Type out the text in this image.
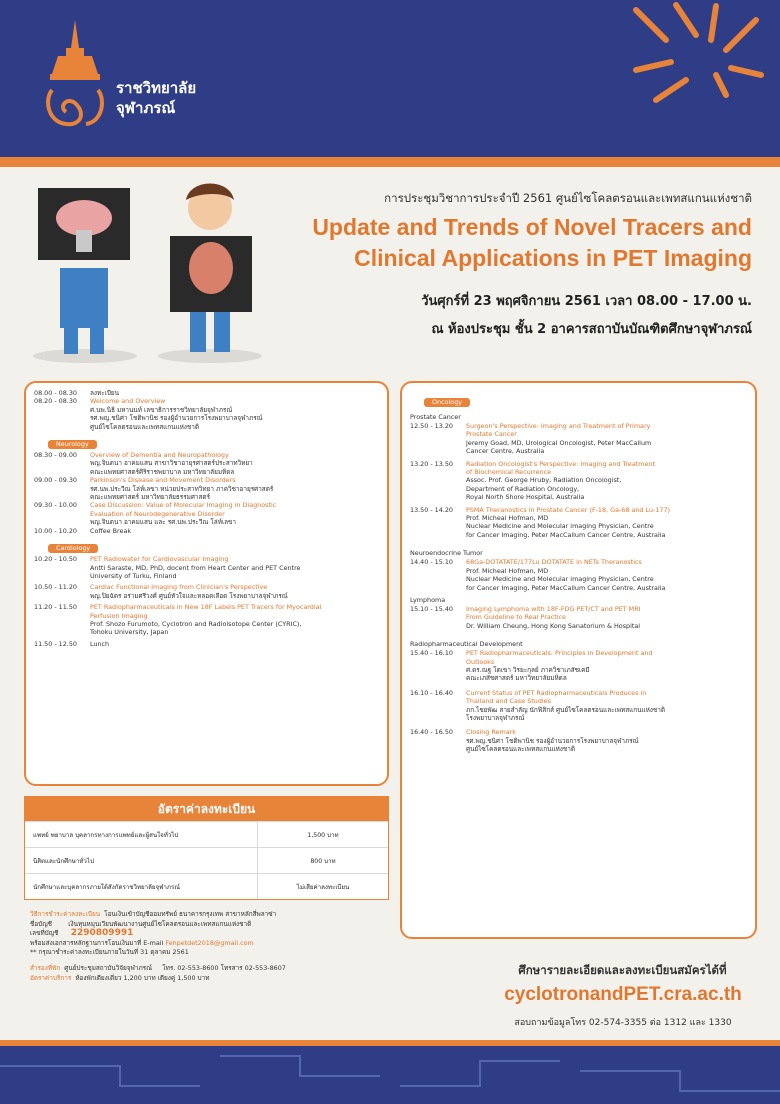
ราชวิทยาลัย
จุฬาภรณ์
การประชุมวิชาการประจำปี 2561 ศูนย์ไซโคลตรอนและเพทสแกนแห่งชาติ
Update and Trends of Novel Tracers and
Clinical Applications in PET Imaging
วันศุกร์ที่ 23 พฤศจิกายน 2561 เวลา 08.00 - 17.00 น.
ณ ห้องประชุม ชั้น 2 อาคารสถาบันบัณฑิตศึกษาจุฬาภรณ์
08.00 - 08.30	ลงทะเบียน
08.20 - 08.30	Welcome and Overview
ศ.นพ.นิธิ มหานนท์ เลขาธิการราชวิทยาลัยจุฬาภรณ์
รศ.พญ.ชนิศา โชติพานิช รองผู้อำนวยการโรงพยาบาลจุฬาภรณ์
ศูนย์ไซโคลตรอนและเพทสแกนแห่งชาติ
Neurology
08.30 - 09.00	Overview of Dementia and Neuropathology
พญ.จินตนา อาคมแสน สาขาวิชาอายุรศาสตร์ประสาทวิทยา
คณะแพทยศาสตร์ศิริราชพยาบาล มหาวิทยาลัยมหิดล
09.00 - 09.30	Parkinson's Disease and Movement Disorders
รศ.นพ.ประวีณ โล่ห์เลขา หน่วยประสาทวิทยา ภาควิชาอายุรศาสตร์
คณะแพทยศาสตร์ มหาวิทยาลัยธรรมศาสตร์
09.30 - 10.00	Case Discussion: Value of Molecular Imaging in Diagnostic
Evaluation of Neurodegenerative Disorder
พญ.จินตนา อาคมแสน และ รศ.นพ.ประวีณ โล่ห์เลขา
10.00 - 10.20	Coffee Break
Cardiology
10.20 - 10.50	PET Radiowater for Cardiovascular Imaging
Antti Saraste, MD, PhD, docent from Heart Center and PET Centre
University of Turku, Finland
10.50 - 11.20	Cardiac Functional Imaging from Clinician's Perspective
พญ.ปิยฉัตร อร่ามศรีวงศ์ ศูนย์หัวใจและหลอดเลือด โรงพยาบาลจุฬาภรณ์
11.20 - 11.50	PET Radiopharmaceuticals in New 18F Labels PET Tracers for Myocardial
Perfusion Imaging
Prof. Shozo Furumoto, Cyclotron and Radioisotope Center (CYRIC),
Tohoku University, Japan
11.50 - 12.50	Lunch
Oncology
Prostate Cancer
12.50 - 13.20	Surgeon's Perspective: Imaging and Treatment of Primary
Prostate Cancer
Jeremy Goad, MD, Urological Oncologist, Peter MacCallum
Cancer Centre, Australia
13.20 - 13.50	Radiation Oncologist's Perspective: Imaging and Treatment
of Biochemical Recurrence
Assoc. Prof. George Hruby, Radiation Oncologist,
Department of Radiation Oncology,
Royal North Shore Hospital, Australia
13.50 - 14.20	PSMA Theranostics in Prostate Cancer (F-18, Ga-68 and Lu-177)
Prof. Micheal Hofman, MD
Nuclear Medicine and Molecular imaging Physician, Centre
for Cancer Imaging, Peter MacCallum Cancer Centre, Australia
Neuroendocrine Tumor
14.40 - 15.10	68Ga-DOTATATE/177Lu DOTATATE in NETs Theranostics
Prof. Micheal Hofman, MD
Nuclear Medicine and Molecular imaging Physician, Centre
for Cancer Imaging, Peter MacCallum Cancer Centre, Australia
Lymphoma
15.10 - 15.40	Imaging Lymphoma with 18F-FDG PET/CT and PET MRI
From Guideline to Real Practice
Dr. William Cheung, Hong Kong Sanatorium & Hospital
Radiopharmaceutical Development
15.40 - 16.10	PET Radiopharmaceuticals: Principles in Development and
Outlooks
ศ.ดร.ณฐ โตเขา วิรยะกุลย์ ภาควิชาเภสัชเคมี
คณะเภสัชศาสตร์ มหาวิทยาลัยมหิดล
16.10 - 16.40	Current Status of PET Radiopharmaceuticals Produces in
Thailand and Case Studies
ภก.ไชยพัฒ สายสำลัญ นักฟิสิกส์ ศูนย์ไซโคลตรอนและเพทสแกนแห่งชาติ
โรงพยาบาลจุฬาภรณ์
16.40 - 16.50	Closing Remark
รศ.พญ.ชนิศา โชติพานิช รองผู้อำนวยการโรงพยาบาลจุฬาภรณ์
ศูนย์ไซโคลตรอนและเพทสแกนแห่งชาติ
อัตราค่าลงทะเบียน
แพทย์ พยาบาล บุคลากรทางการแพทย์และผู้สนใจทั่วไป	1,500 บาท
นิสิตและนักศึกษาทั่วไป	800 บาท
นักศึกษาและบุคลากรภายใต้สังกัดราชวิทยาลัยจุฬาภรณ์	ไม่เสียค่าลงทะเบียน
วิธีการชำระค่าลงทะเบียน โอนเงินเข้าบัญชีออมทรัพย์ ธนาคารกรุงเทพ สาขาหลักสี่พลาซ่า
ชื่อบัญชี	เงินทุนหมุนเวียนพัฒนางานศูนย์ไซโคลตรอนและเพทสแกนแห่งชาติ
เลขที่บัญชี 2290809991
พร้อมส่งเอกสารหลักฐานการโอนเงินมาที่ E-mail Fehpetdet2018@gmail.com
** กรุณาชำระค่าลงทะเบียนภายในวันที่ 31 ตุลาคม 2561
สำรองที่พัก ศูนย์ประชุมสถาบันวิจัยจุฬาภรณ์ โทร. 02-553-8600 โทรสาร 02-553-8607
อัตราค่าบริการ ห้องพักเตียงเดี่ยว 1,200 บาท เตียงคู่ 1,500 บาท
ศึกษารายละเอียดและลงทะเบียนสมัครได้ที่
cyclotronandPET.cra.ac.th
สอบถามข้อมูลโทร 02-574-3355 ต่อ 1312 และ 1330
